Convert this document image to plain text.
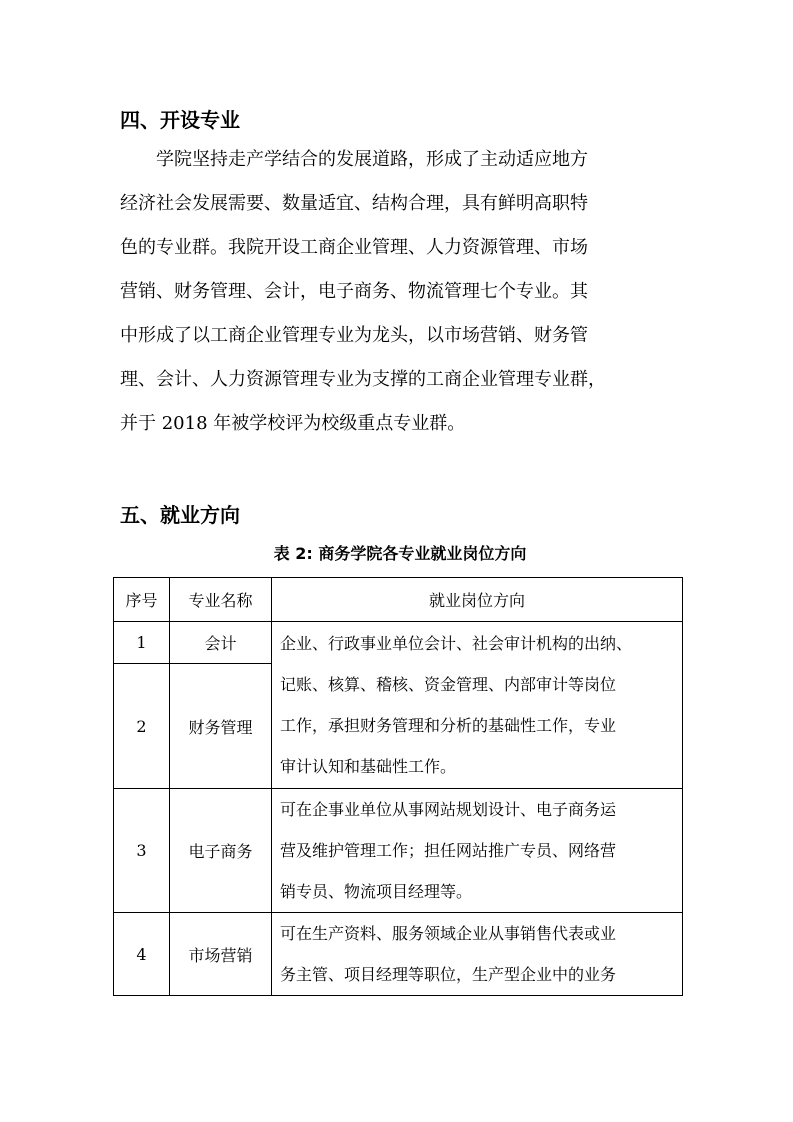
四、开设专业
　　学院坚持走产学结合的发展道路，形成了主动适应地方
经济社会发展需要、数量适宜、结构合理，具有鲜明高职特
色的专业群。我院开设工商企业管理、人力资源管理、市场
营销、财务管理、会计，电子商务、物流管理七个专业。其
中形成了以工商企业管理专业为龙头，以市场营销、财务管
理、会计、人力资源管理专业为支撑的工商企业管理专业群，
并于 2018 年被学校评为校级重点专业群。
五、就业方向
表 2: 商务学院各专业就业岗位方向
序号	专业名称	就业岗位方向
1	会计	企业、行政事业单位会计、社会审计机构的出纳、
记账、核算、稽核、资金管理、内部审计等岗位
工作，承担财务管理和分析的基础性工作，专业
审计认知和基础性工作。

2	财务管理	
3	电子商务	可在企事业单位从事网站规划设计、电子商务运
营及维护管理工作；担任网站推广专员、网络营
销专员、物流项目经理等。

4	市场营销	可在生产资料、服务领域企业从事销售代表或业
务主管、项目经理等职位，生产型企业中的业务
